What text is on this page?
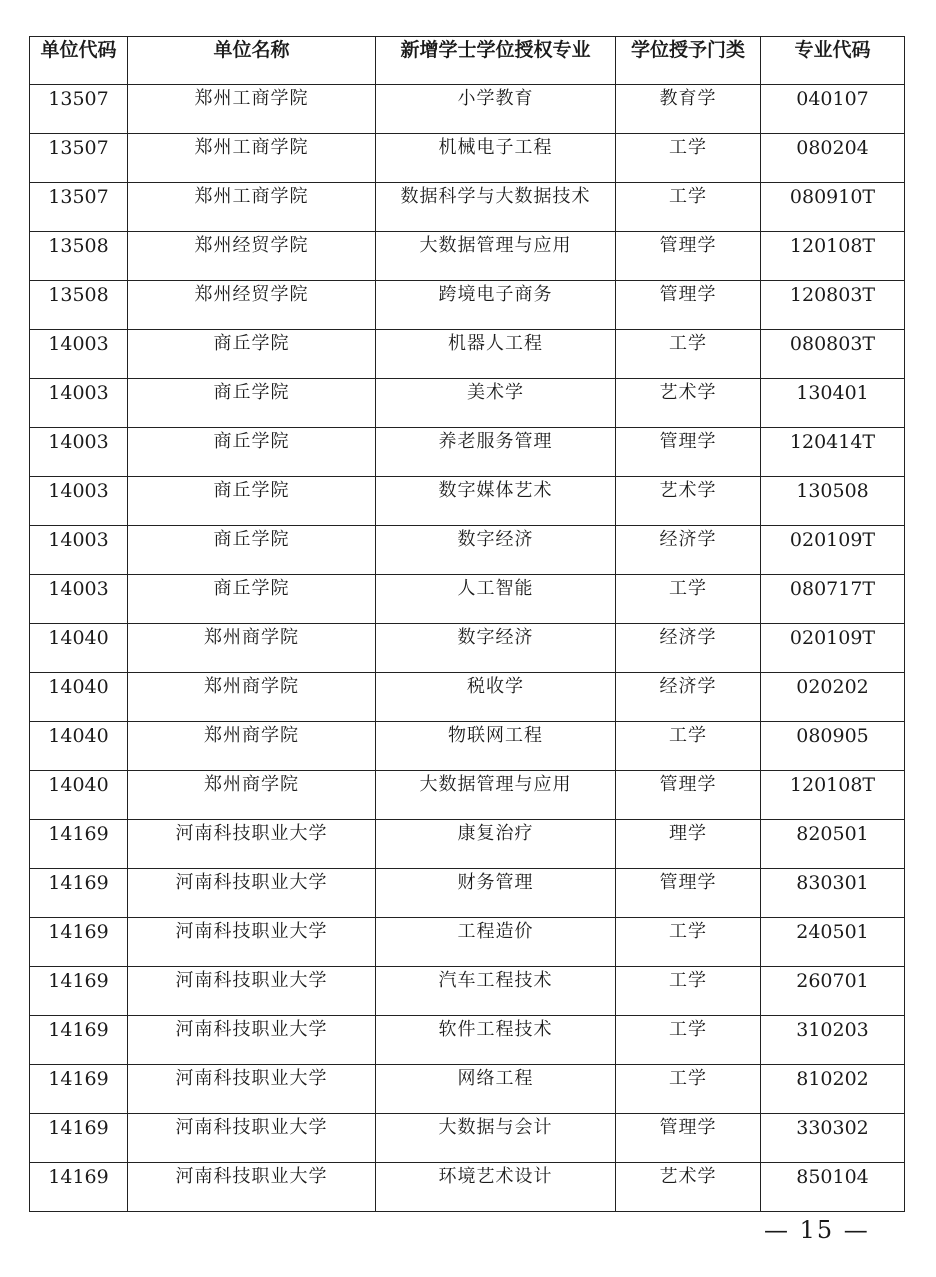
单位代码	单位名称	新增学士学位授权专业	学位授予门类	专业代码
13507	郑州工商学院	小学教育	教育学	040107
13507	郑州工商学院	机械电子工程	工学	080204
13507	郑州工商学院	数据科学与大数据技术	工学	080910T
13508	郑州经贸学院	大数据管理与应用	管理学	120108T
13508	郑州经贸学院	跨境电子商务	管理学	120803T
14003	商丘学院	机器人工程	工学	080803T
14003	商丘学院	美术学	艺术学	130401
14003	商丘学院	养老服务管理	管理学	120414T
14003	商丘学院	数字媒体艺术	艺术学	130508
14003	商丘学院	数字经济	经济学	020109T
14003	商丘学院	人工智能	工学	080717T
14040	郑州商学院	数字经济	经济学	020109T
14040	郑州商学院	税收学	经济学	020202
14040	郑州商学院	物联网工程	工学	080905
14040	郑州商学院	大数据管理与应用	管理学	120108T
14169	河南科技职业大学	康复治疗	理学	820501
14169	河南科技职业大学	财务管理	管理学	830301
14169	河南科技职业大学	工程造价	工学	240501
14169	河南科技职业大学	汽车工程技术	工学	260701
14169	河南科技职业大学	软件工程技术	工学	310203
14169	河南科技职业大学	网络工程	工学	810202
14169	河南科技职业大学	大数据与会计	管理学	330302
14169	河南科技职业大学	环境艺术设计	艺术学	850104
— 15 —
